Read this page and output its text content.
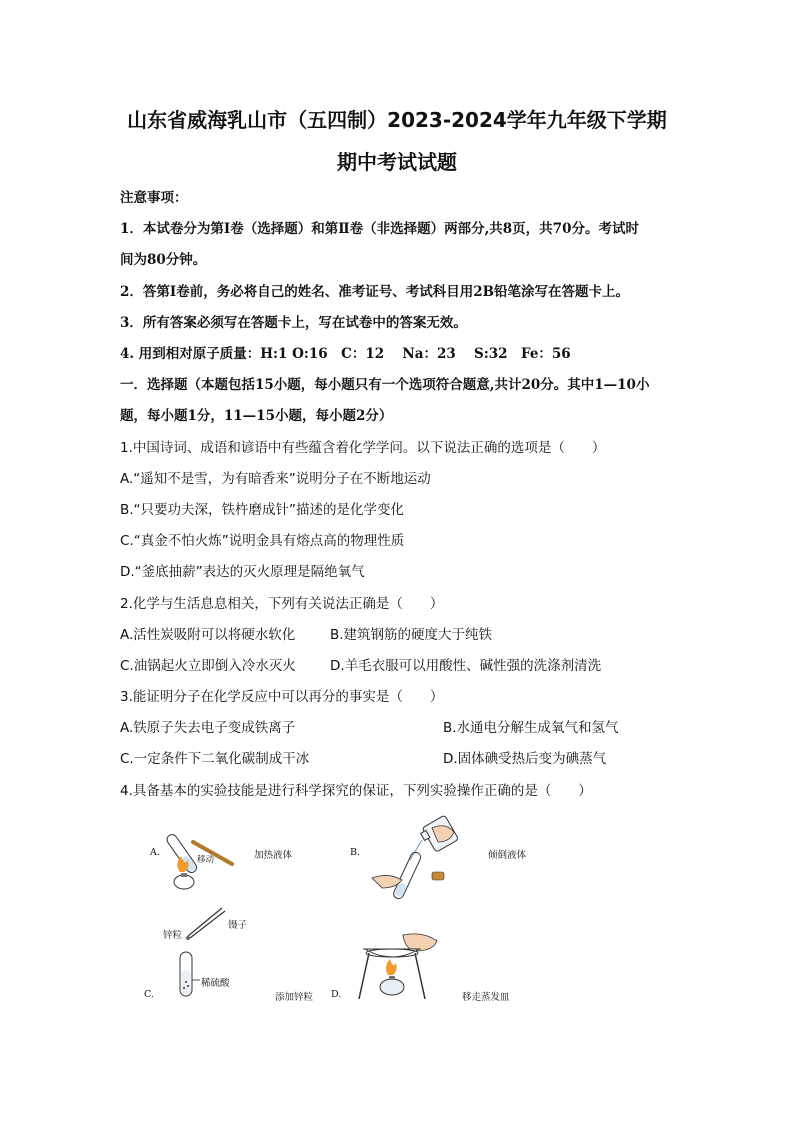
山东省威海乳山市（五四制）2023-2024学年九年级下学期
期中考试试题
注意事项：
1．本试卷分为第Ⅰ卷（选择题）和第Ⅱ卷（非选择题）两部分,共8页，共70分。考试时
间为80分钟。
2．答第Ⅰ卷前，务必将自己的姓名、准考证号、考试科目用2B铅笔涂写在答题卡上。
3．所有答案必须写在答题卡上，写在试卷中的答案无效。
4. 用到相对原子质量：H:1 O:16　C：12　 Na：23　 S:32　Fe：56
一．选择题（本题包括15小题，每小题只有一个选项符合题意,共计20分。其中1—10小
题，每小题1分，11—15小题，每小题2分）
1.中国诗词、成语和谚语中有些蕴含着化学学问。以下说法正确的选项是（　　）
A.“遥知不是雪，为有暗香来”说明分子在不断地运动
B.“只要功夫深，铁杵磨成针”描述的是化学变化
C.“真金不怕火炼”说明金具有熔点高的物理性质
D.“釜底抽薪”表达的灭火原理是隔绝氧气
2.化学与生活息息相关，下列有关说法正确是（　　）
A.活性炭吸附可以将硬水软化	B.建筑钢筋的硬度大于纯铁
C.油锅起火立即倒入冷水灭火	D.羊毛衣服可以用酸性、碱性强的洗涤剂清洗
3.能证明分子在化学反应中可以再分的事实是（　　）
A.铁原子失去电子变成铁离子	B.水通电分解生成氧气和氢气
C.一定条件下二氧化碳制成干冰	D.固体碘受热后变为碘蒸气
4.具备基本的实验技能是进行科学探究的保证，下列实验操作正确的是（　　）
A.
移动	加热液体	B.	倾倒液体
锌粒
镊子
稀硫酸
C.	添加锌粒 D.	移走蒸发皿
